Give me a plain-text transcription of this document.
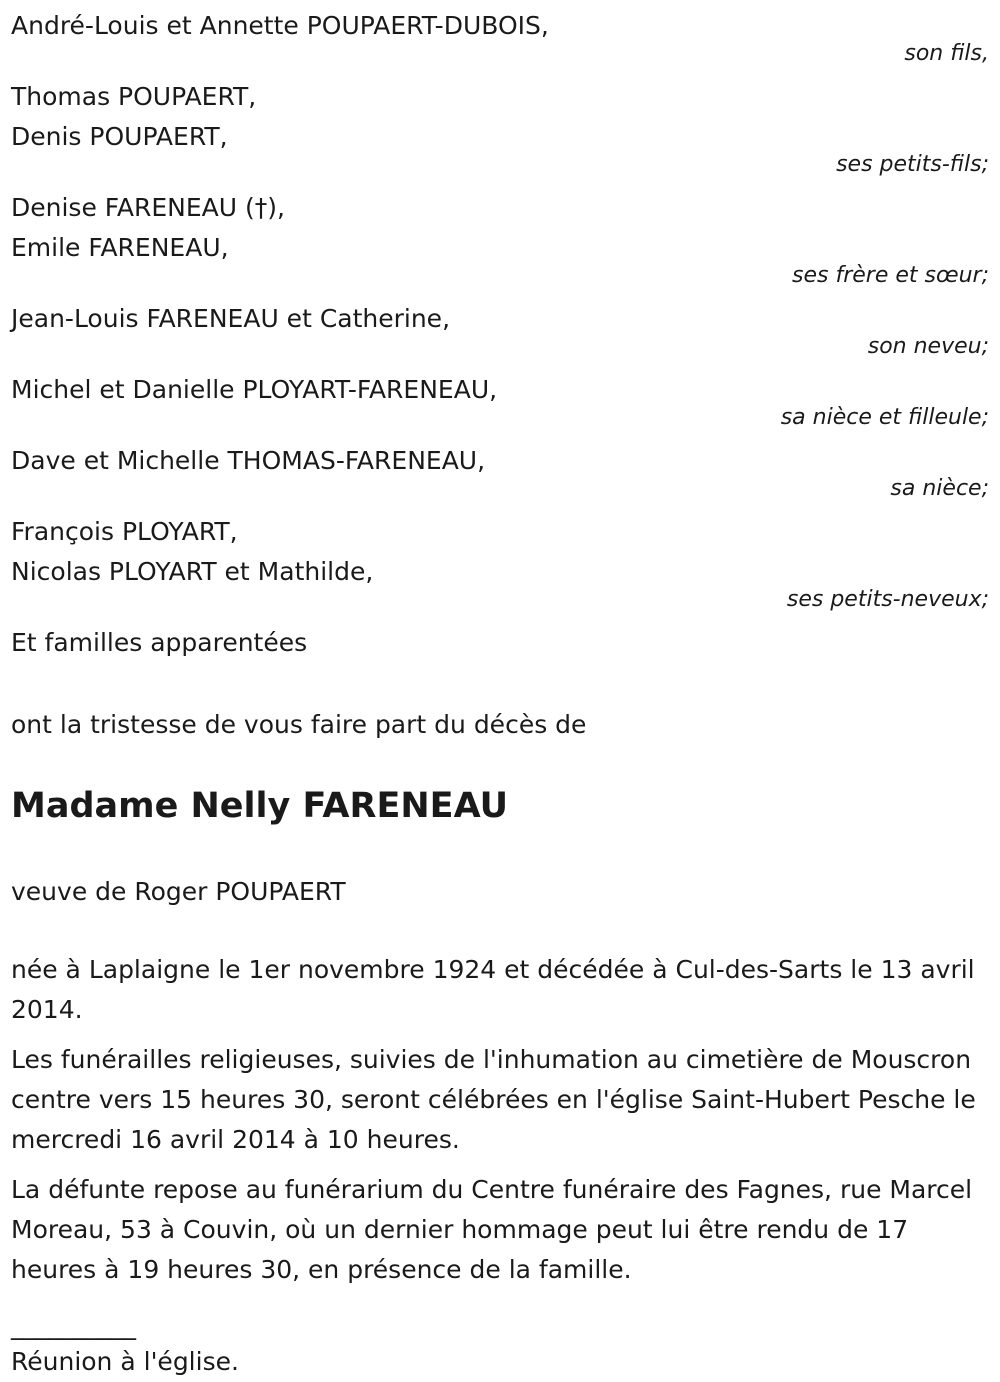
André-Louis et Annette POUPAERT-DUBOIS,
son fils,
Thomas POUPAERT,
Denis POUPAERT,
ses petits-fils;
Denise FARENEAU (†),
Emile FARENEAU,
ses frère et sœur;
Jean-Louis FARENEAU et Catherine,
son neveu;
Michel et Danielle PLOYART-FARENEAU,
sa nièce et filleule;
Dave et Michelle THOMAS-FARENEAU,
sa nièce;
François PLOYART,
Nicolas PLOYART et Mathilde,
ses petits-neveux;
Et familles apparentées
ont la tristesse de vous faire part du décès de
Madame Nelly FARENEAU
veuve de Roger POUPAERT
née à Laplaigne le 1er novembre 1924 et décédée à Cul-des-Sarts le 13 avril 2014.
Les funérailles religieuses, suivies de l'inhumation au cimetière de Mouscron centre vers 15 heures 30, seront célébrées en l'église Saint-Hubert Pesche le mercredi 16 avril 2014 à 10 heures.
La défunte repose au funérarium du Centre funéraire des Fagnes, rue Marcel Moreau, 53 à Couvin, où un dernier hommage peut lui être rendu de 17 heures à 19 heures 30, en présence de la famille.
__________
Réunion à l'église.
